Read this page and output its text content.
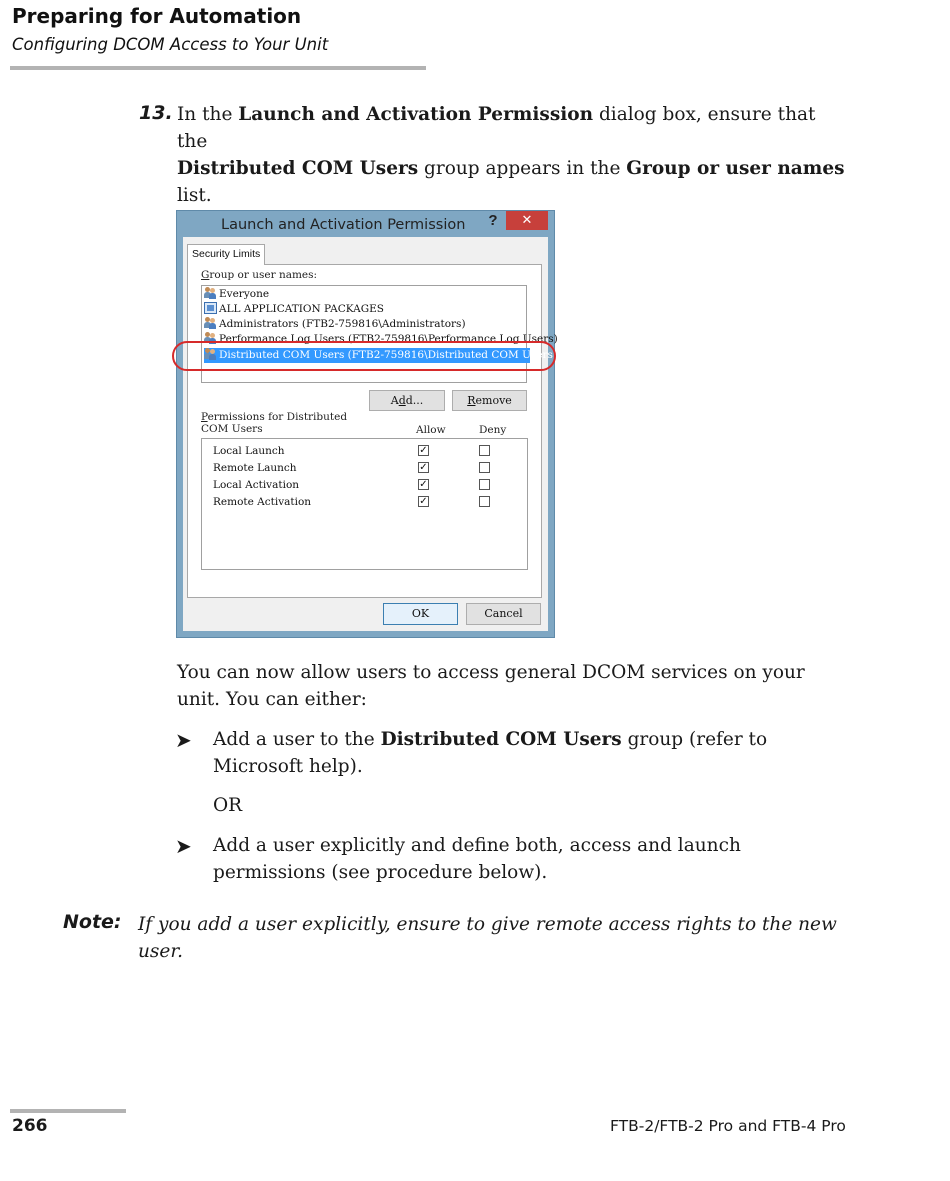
Preparing for Automation
Configuring DCOM Access to Your Unit
13. In the Launch and Activation Permission dialog box, ensure that the
Distributed COM Users group appears in the Group or user names
list.
Launch and Activation Permission	?	✕
Security Limits
Group or user names:
Everyone
ALL APPLICATION PACKAGES
Administrators (FTB2-759816\Administrators)
Performance Log Users (FTB2-759816\Performance Log Users)
Distributed COM Users (FTB2-759816\Distributed COM Users)
Add...	Remove
Permissions for Distributed COM Users	Allow	Deny
Local Launch	✓
Remote Launch	✓
Local Activation	✓
Remote Activation	✓
OK	Cancel
You can now allow users to access general DCOM services on your unit. You can either:
➤ Add a user to the Distributed COM Users group (refer to Microsoft help).
OR
➤ Add a user explicitly and define both, access and launch permissions (see procedure below).
Note: If you add a user explicitly, ensure to give remote access rights to the new user.
266	FTB-2/FTB-2 Pro and FTB-4 Pro
